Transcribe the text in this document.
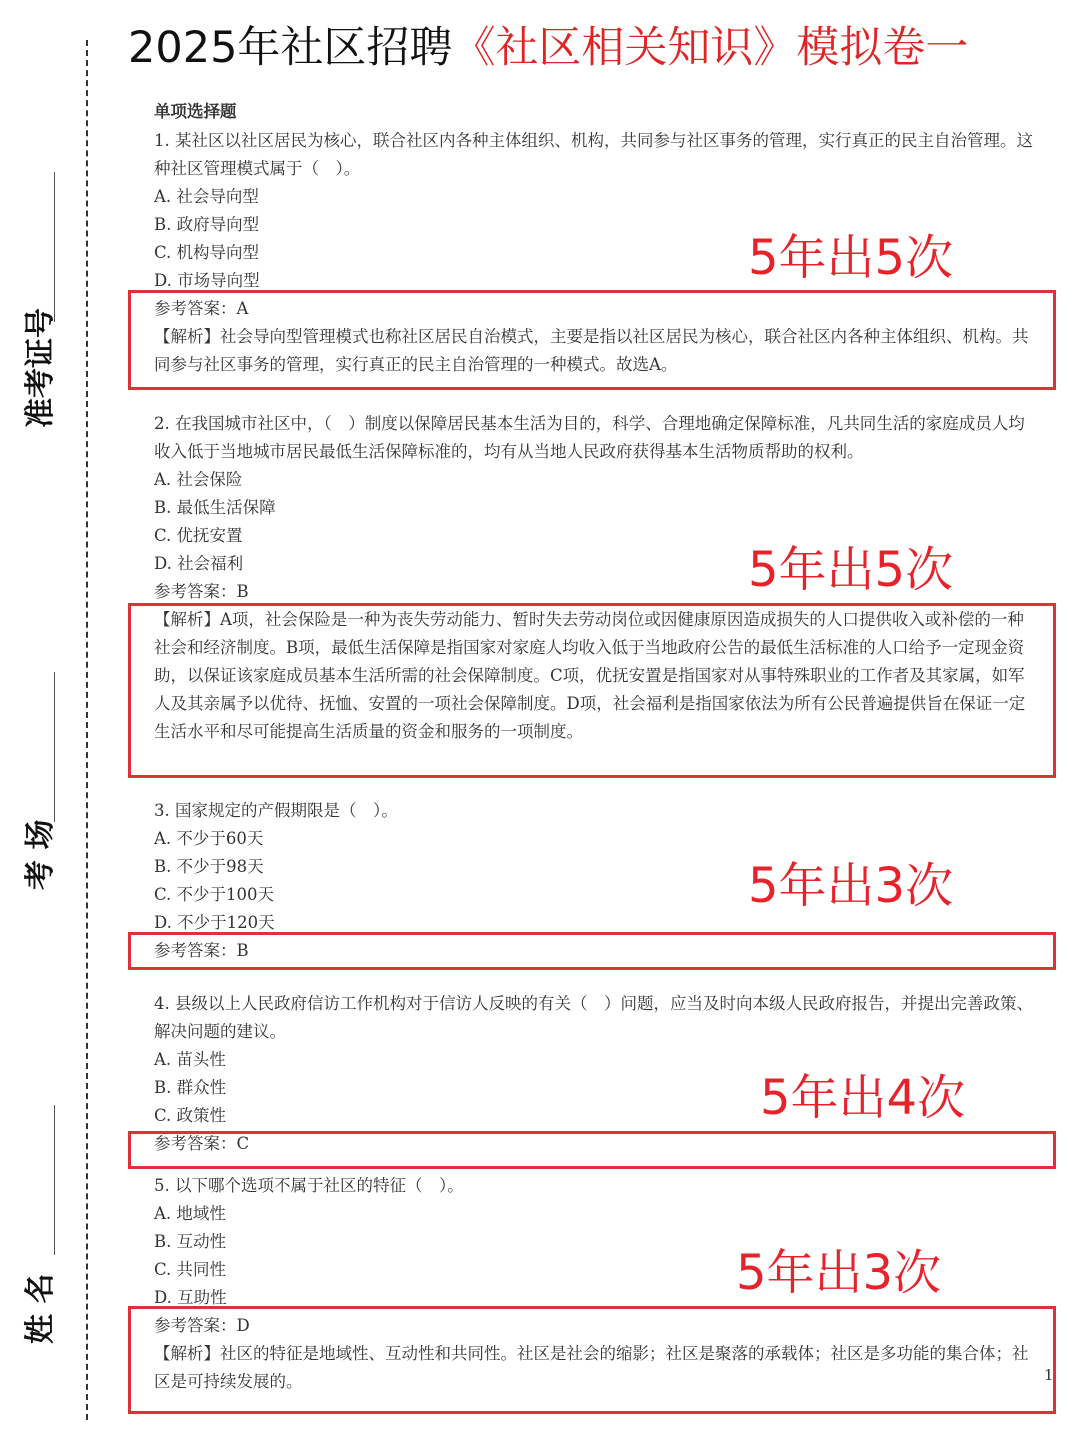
2025年社区招聘《社区相关知识》模拟卷一
准考证号
考 场
姓 名
单项选择题
1. 某社区以社区居民为核心，联合社区内各种主体组织、机构，共同参与社区事务的管理，实行真正的民主自治管理。这种社区管理模式属于（　）。
A. 社会导向型
B. 政府导向型
C. 机构导向型
D. 市场导向型
参考答案：A
【解析】社会导向型管理模式也称社区居民自治模式，主要是指以社区居民为核心，联合社区内各种主体组织、机构。共同参与社区事务的管理，实行真正的民主自治管理的一种模式。故选A。
5年出5次
2. 在我国城市社区中，（　）制度以保障居民基本生活为目的，科学、合理地确定保障标准，凡共同生活的家庭成员人均收入低于当地城市居民最低生活保障标准的，均有从当地人民政府获得基本生活物质帮助的权利。
A. 社会保险
B. 最低生活保障
C. 优抚安置
D. 社会福利
参考答案：B
【解析】A项，社会保险是一种为丧失劳动能力、暂时失去劳动岗位或因健康原因造成损失的人口提供收入或补偿的一种社会和经济制度。B项，最低生活保障是指国家对家庭人均收入低于当地政府公告的最低生活标准的人口给予一定现金资助，以保证该家庭成员基本生活所需的社会保障制度。C项，优抚安置是指国家对从事特殊职业的工作者及其家属，如军人及其亲属予以优待、抚恤、安置的一项社会保障制度。D项，社会福利是指国家依法为所有公民普遍提供旨在保证一定生活水平和尽可能提高生活质量的资金和服务的一项制度。
5年出5次
3. 国家规定的产假期限是（　）。
A. 不少于60天
B. 不少于98天
C. 不少于100天
D. 不少于120天
参考答案：B
5年出3次
4. 县级以上人民政府信访工作机构对于信访人反映的有关（　）问题，应当及时向本级人民政府报告，并提出完善政策、解决问题的建议。
A. 苗头性
B. 群众性
C. 政策性
参考答案：C
5年出4次
5. 以下哪个选项不属于社区的特征（　）。
A. 地域性
B. 互动性
C. 共同性
D. 互助性
参考答案：D
【解析】社区的特征是地域性、互动性和共同性。社区是社会的缩影；社区是聚落的承载体；社区是多功能的集合体；社区是可持续发展的。
5年出3次
1
